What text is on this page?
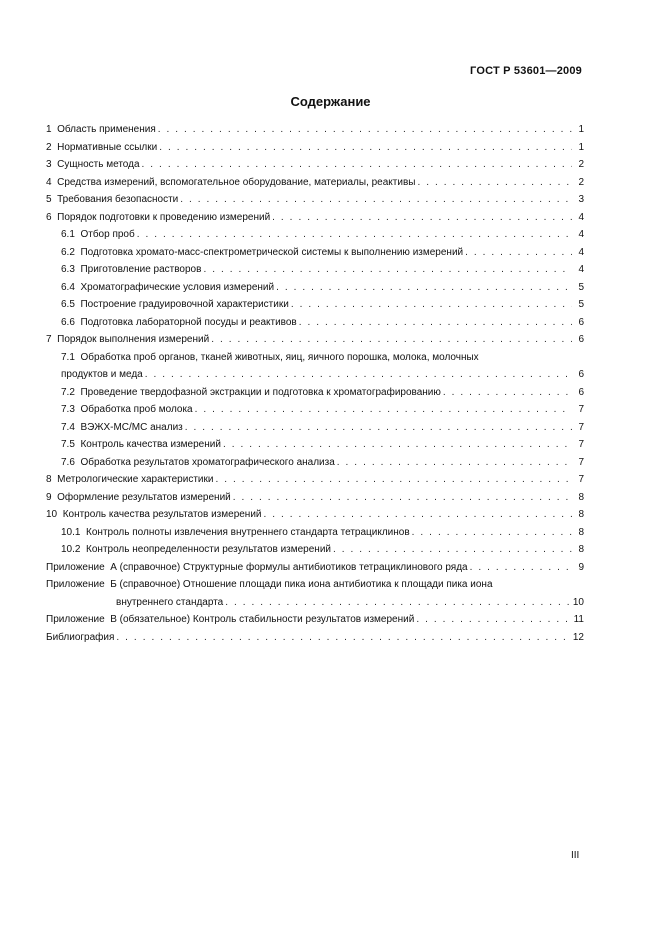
ГОСТ Р 53601—2009
Содержание
1 Область применения . . .	1
2 Нормативные ссылки . . .	1
3 Сущность метода . . .	2
4 Средства измерений, вспомогательное оборудование, материалы, реактивы . . .	2
5 Требования безопасности . . .	3
6 Порядок подготовки к проведению измерений . . .	4
6.1 Отбор проб . . .	4
6.2 Подготовка хромато-масс-спектрометрической системы к выполнению измерений . . .	4
6.3 Приготовление растворов . . .	4
6.4 Хроматографические условия измерений . . .	5
6.5 Построение градуировочной характеристики . . .	5
6.6 Подготовка лабораторной посуды и реактивов . . .	6
7 Порядок выполнения измерений . . .	6
7.1 Обработка проб органов, тканей животных, яиц, яичного порошка, молока, молочных
продуктов и меда . . .	6
7.2 Проведение твердофазной экстракции и подготовка к хроматографированию . . .	6
7.3 Обработка проб молока . . .	7
7.4 ВЭЖХ-МС/МС анализ . . .	7
7.5 Контроль качества измерений . . .	7
7.6 Обработка результатов хроматографического анализа . . .	7
8 Метрологические характеристики . . .	7
9 Оформление результатов измерений . . .	8
10 Контроль качества результатов измерений . . .	8
10.1 Контроль полноты извлечения внутреннего стандарта тетрациклинов . . .	8
10.2 Контроль неопределенности результатов измерений . . .	8
Приложение А (справочное) Структурные формулы антибиотиков тетрациклинового ряда . . .	9
Приложение Б (справочное) Отношение площади пика иона антибиотика к площади пика иона
внутреннего стандарта . . .	10
Приложение В (обязательное) Контроль стабильности результатов измерений . . .	11
Библиография . . .	12
III
